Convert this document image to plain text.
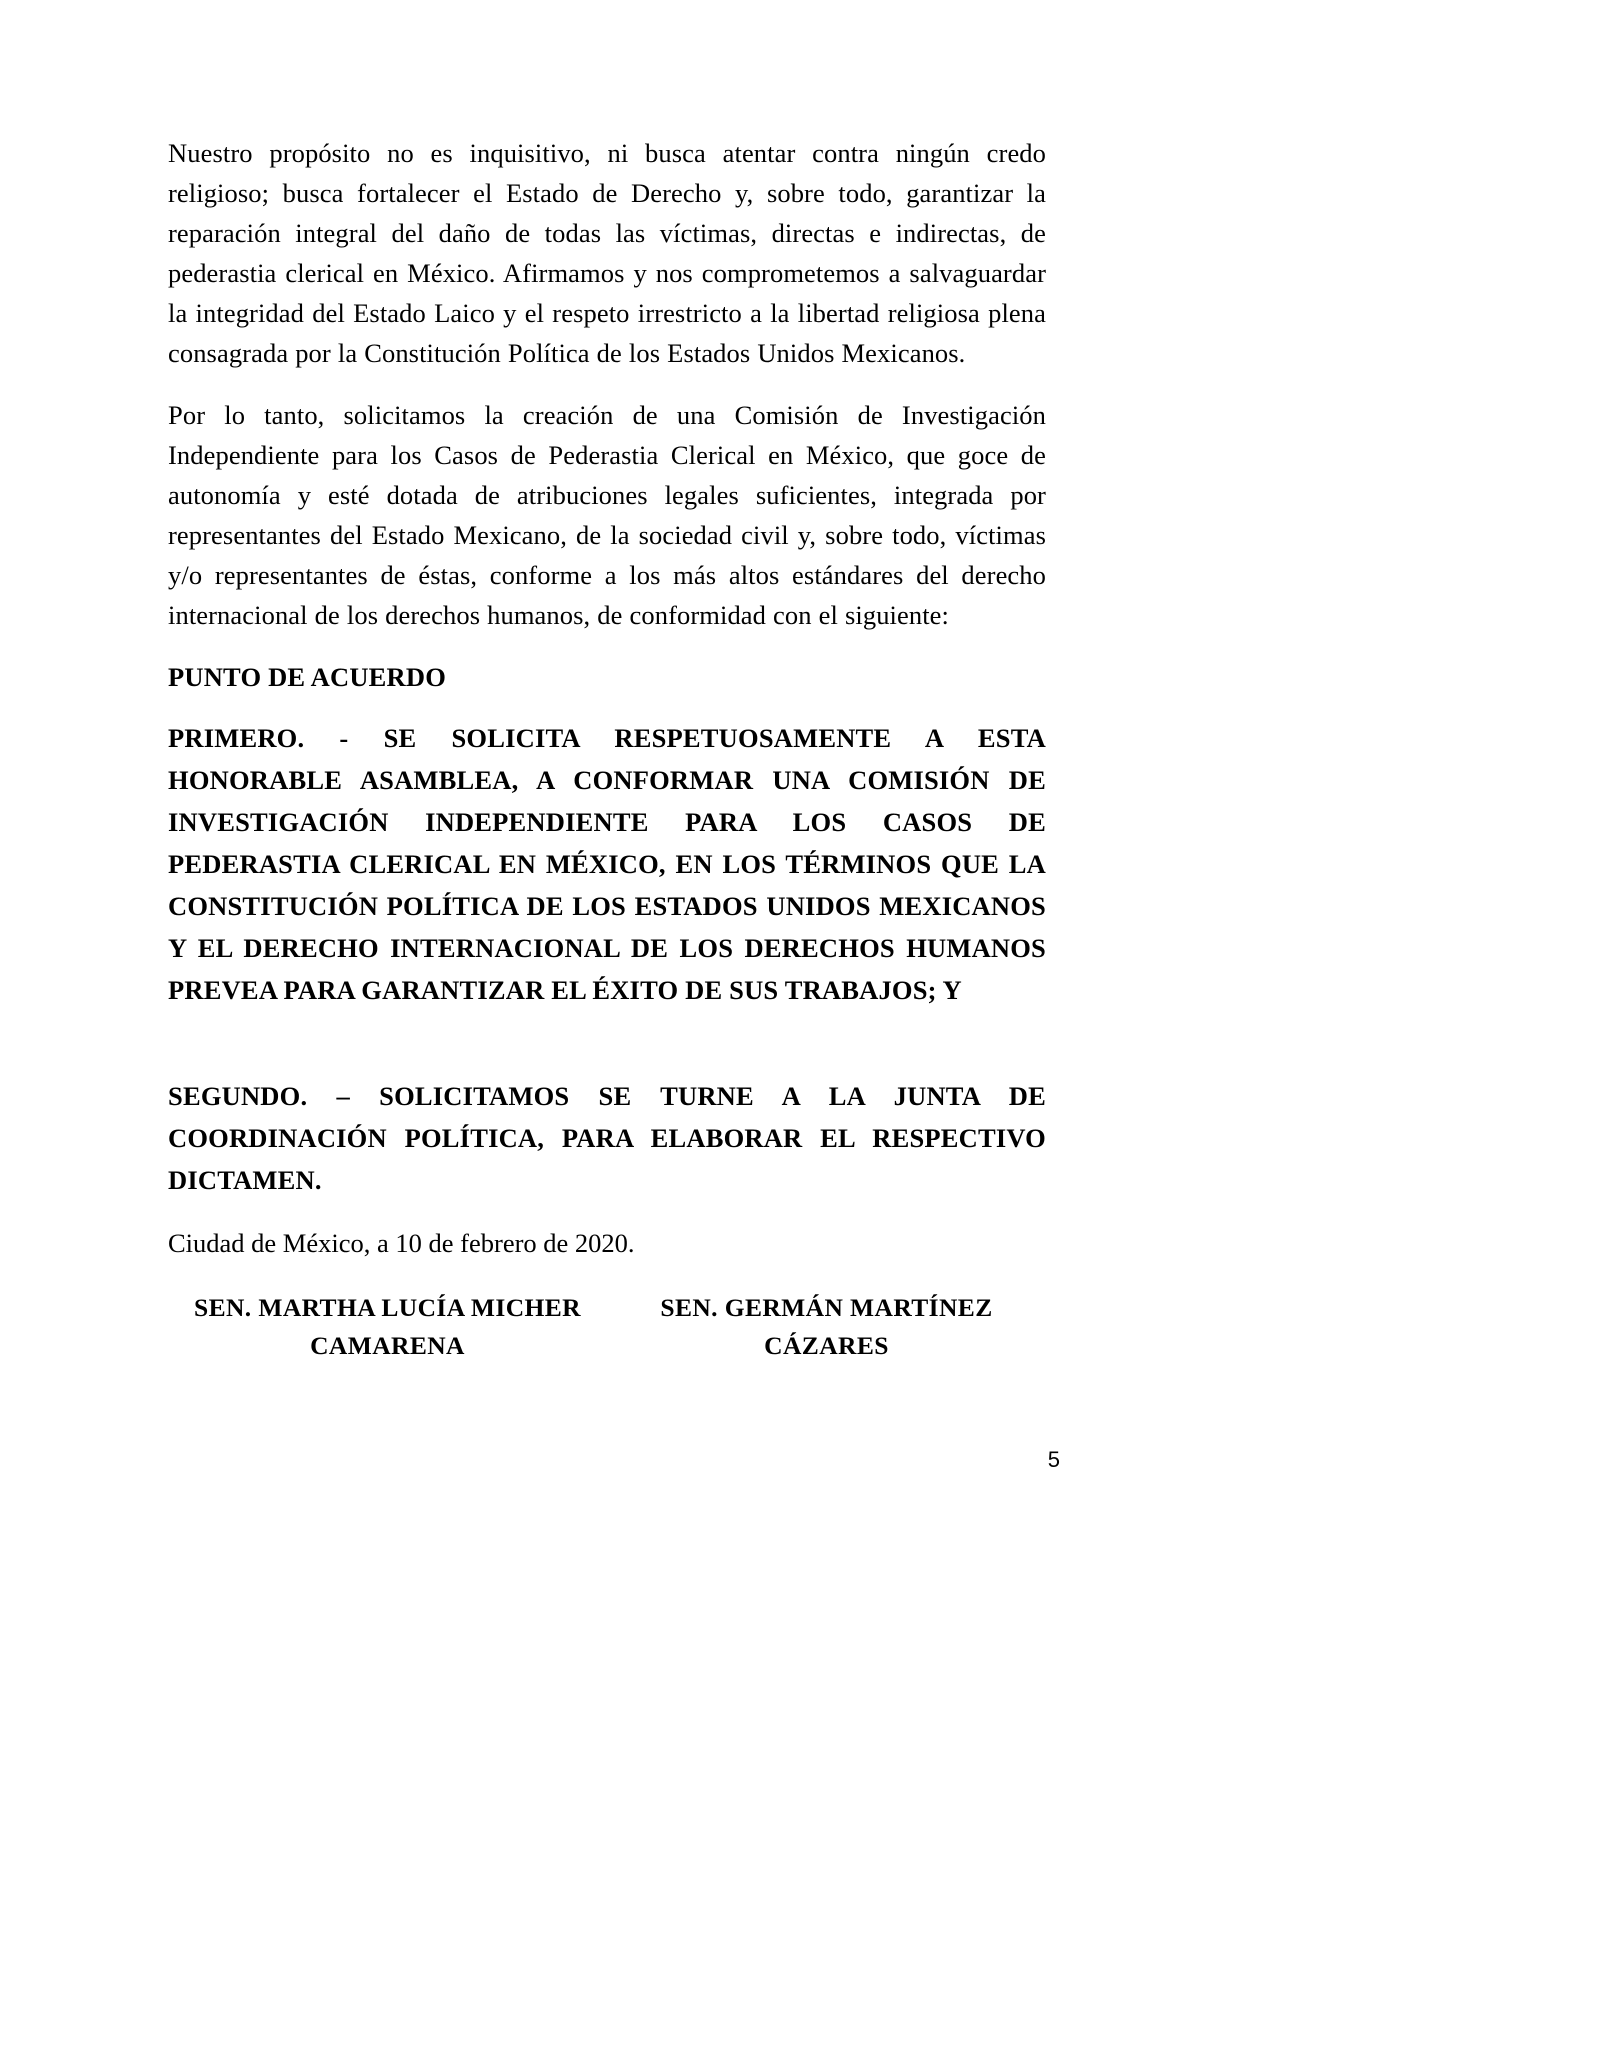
Nuestro propósito no es inquisitivo, ni busca atentar contra ningún credo religioso; busca fortalecer el Estado de Derecho y, sobre todo, garantizar la reparación integral del daño de todas las víctimas, directas e indirectas, de pederastia clerical en México. Afirmamos y nos comprometemos a salvaguardar la integridad del Estado Laico y el respeto irrestricto a la libertad religiosa plena consagrada por la Constitución Política de los Estados Unidos Mexicanos.

Por lo tanto, solicitamos la creación de una Comisión de Investigación Independiente para los Casos de Pederastia Clerical en México, que goce de autonomía y esté dotada de atribuciones legales suficientes, integrada por representantes del Estado Mexicano, de la sociedad civil y, sobre todo, víctimas y/o representantes de éstas, conforme a los más altos estándares del derecho internacional de los derechos humanos, de conformidad con el siguiente:

PUNTO DE ACUERDO

PRIMERO. - SE SOLICITA RESPETUOSAMENTE A ESTA HONORABLE ASAMBLEA, A CONFORMAR UNA COMISIÓN DE INVESTIGACIÓN INDEPENDIENTE PARA LOS CASOS DE PEDERASTIA CLERICAL EN MÉXICO, EN LOS TÉRMINOS QUE LA CONSTITUCIÓN POLÍTICA DE LOS ESTADOS UNIDOS MEXICANOS Y EL DERECHO INTERNACIONAL DE LOS DERECHOS HUMANOS PREVEA PARA GARANTIZAR EL ÉXITO DE SUS TRABAJOS; Y

SEGUNDO. – SOLICITAMOS SE TURNE A LA JUNTA DE COORDINACIÓN POLÍTICA, PARA ELABORAR EL RESPECTIVO DICTAMEN.

Ciudad de México, a 10 de febrero de 2020.

SEN. MARTHA LUCÍA MICHER
CAMARENA
SEN. GERMÁN MARTÍNEZ
CÁZARES
5
